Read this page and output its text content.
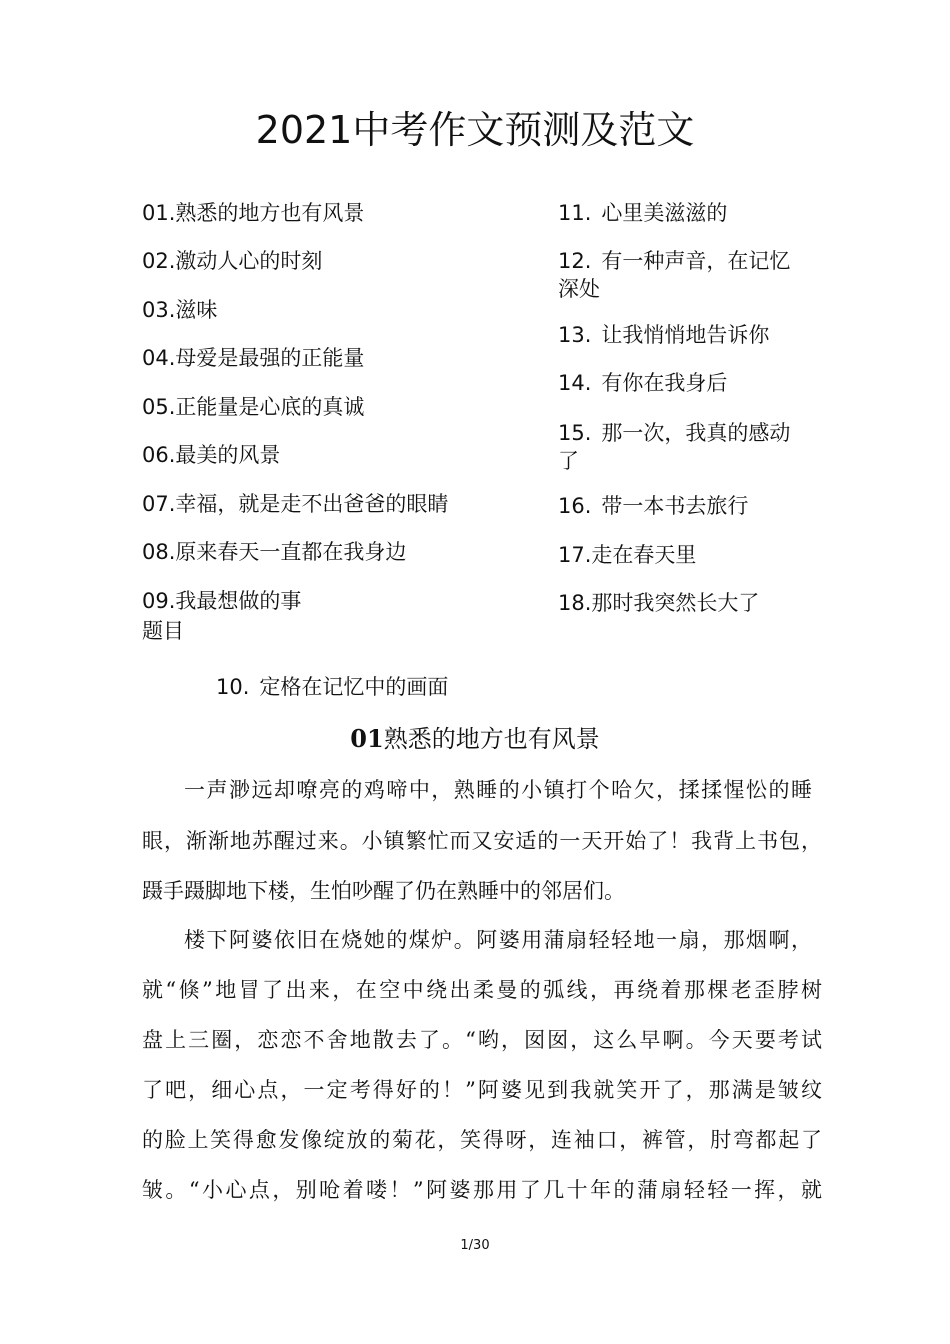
2021中考作文预测及范文
01.熟悉的地方也有风景
02.激动人心的时刻
03.滋味
04.母爱是最强的正能量
05.正能量是心底的真诚
06.最美的风景
07.幸福，就是走不出爸爸的眼睛
08.原来春天一直都在我身边
09.我最想做的事
题目
10. 定格在记忆中的画面
11. 心里美滋滋的
12. 有一种声音，在记忆
深处
13. 让我悄悄地告诉你
14. 有你在我身后
15. 那一次，我真的感动
了
16. 带一本书去旅行
17.走在春天里
18.那时我突然长大了
01熟悉的地方也有风景
一声渺远却嘹亮的鸡啼中，熟睡的小镇打个哈欠，揉揉惺忪的睡
眼，渐渐地苏醒过来。小镇繁忙而又安适的一天开始了！我背上书包，
蹑手蹑脚地下楼，生怕吵醒了仍在熟睡中的邻居们。
楼下阿婆依旧在烧她的煤炉。阿婆用蒲扇轻轻地一扇，那烟啊，
就“倏”地冒了出来，在空中绕出柔曼的弧线，再绕着那棵老歪脖树
盘上三圈，恋恋不舍地散去了。“哟，囡囡，这么早啊。今天要考试
了吧，细心点，一定考得好的！”阿婆见到我就笑开了，那满是皱纹
的脸上笑得愈发像绽放的菊花，笑得呀，连袖口，裤管，肘弯都起了
皱。“小心点，别呛着喽！”阿婆那用了几十年的蒲扇轻轻一挥，就
1/30
